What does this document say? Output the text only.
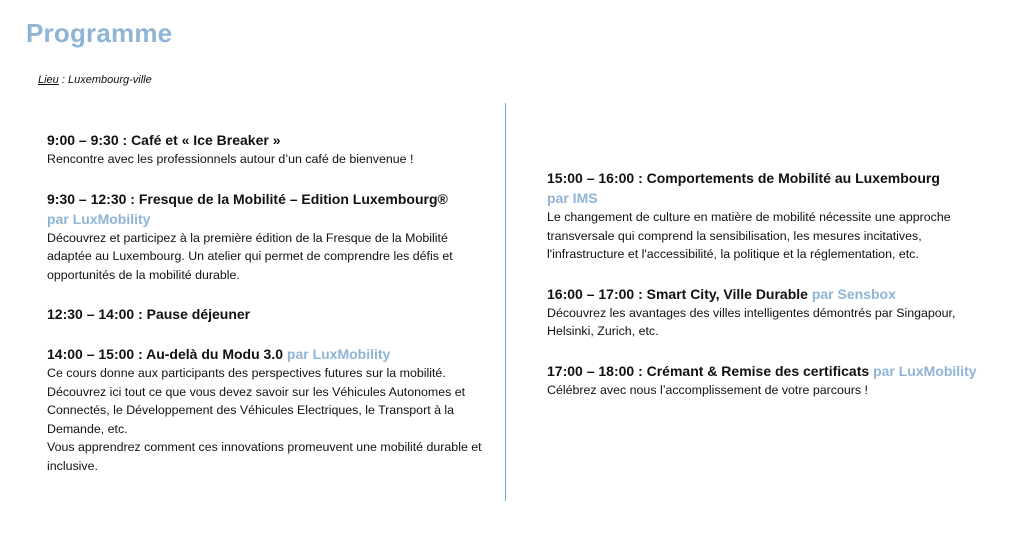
Programme
Lieu : Luxembourg-ville
9:00 – 9:30 : Café et « Ice Breaker »
Rencontre avec les professionnels autour d’un café de bienvenue !
9:30 – 12:30 : Fresque de la Mobilité – Edition Luxembourg®
par LuxMobility
Découvrez et participez à la première édition de la Fresque de la Mobilité adaptée au Luxembourg. Un atelier qui permet de comprendre les défis et opportunités de la mobilité durable.
12:30 – 14:00 : Pause déjeuner
14:00 – 15:00 : Au-delà du Modu 3.0 par LuxMobility
Ce cours donne aux participants des perspectives futures sur la mobilité. Découvrez ici tout ce que vous devez savoir sur les Véhicules Autonomes et Connectés, le Développement des Véhicules Electriques, le Transport à la Demande, etc.
Vous apprendrez comment ces innovations promeuvent une mobilité durable et inclusive.
15:00 – 16:00 : Comportements de Mobilité au Luxembourg
par IMS
Le changement de culture en matière de mobilité nécessite une approche transversale qui comprend la sensibilisation, les mesures incitatives, l'infrastructure et l'accessibilité, la politique et la réglementation, etc.
16:00 – 17:00 : Smart City, Ville Durable par Sensbox
Découvrez les avantages des villes intelligentes démontrés par Singapour, Helsinki, Zurich, etc.
17:00 – 18:00 : Crémant & Remise des certificats par LuxMobility
Célébrez avec nous l’accomplissement de votre parcours !
